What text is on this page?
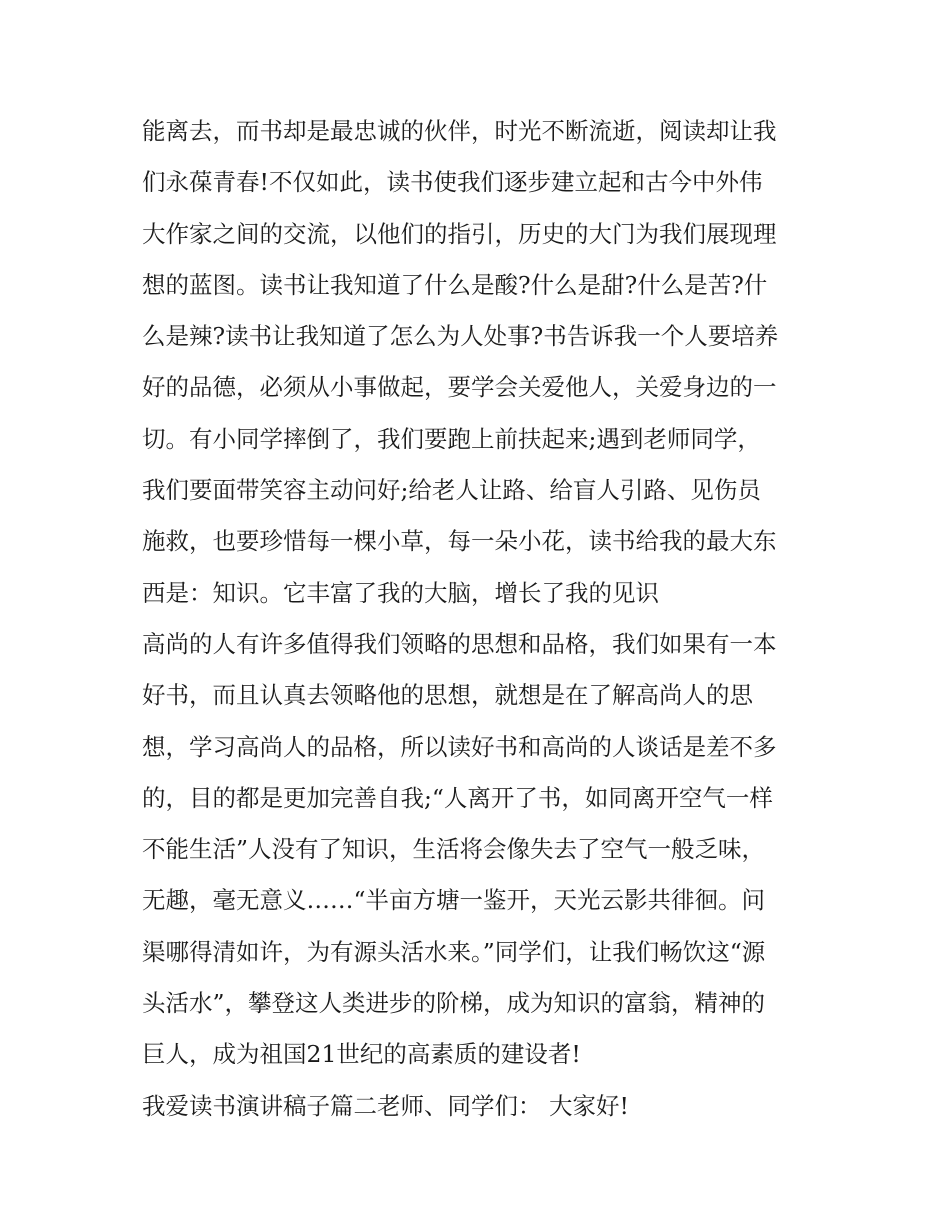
能离去，而书却是最忠诚的伙伴，时光不断流逝，阅读却让我
们永葆青春!不仅如此，读书使我们逐步建立起和古今中外伟
大作家之间的交流，以他们的指引，历史的大门为我们展现理
想的蓝图。读书让我知道了什么是酸?什么是甜?什么是苦?什
么是辣?读书让我知道了怎么为人处事?书告诉我一个人要培养
好的品德，必须从小事做起，要学会关爱他人，关爱身边的一
切。有小同学摔倒了，我们要跑上前扶起来;遇到老师同学，
我们要面带笑容主动问好;给老人让路、给盲人引路、见伤员
施救，也要珍惜每一棵小草，每一朵小花，读书给我的最大东
西是：知识。它丰富了我的大脑，增长了我的见识
高尚的人有许多值得我们领略的思想和品格，我们如果有一本
好书，而且认真去领略他的思想，就想是在了解高尚人的思
想，学习高尚人的品格，所以读好书和高尚的人谈话是差不多
的，目的都是更加完善自我;“人离开了书，如同离开空气一样
不能生活”人没有了知识，生活将会像失去了空气一般乏味，
无趣，毫无意义……“半亩方塘一鉴开，天光云影共徘徊。问
渠哪得清如许，为有源头活水来。”同学们，让我们畅饮这“源
头活水”，攀登这人类进步的阶梯，成为知识的富翁，精神的
巨人，成为祖国21世纪的高素质的建设者!
我爱读书演讲稿子篇二老师、同学们： 大家好!
